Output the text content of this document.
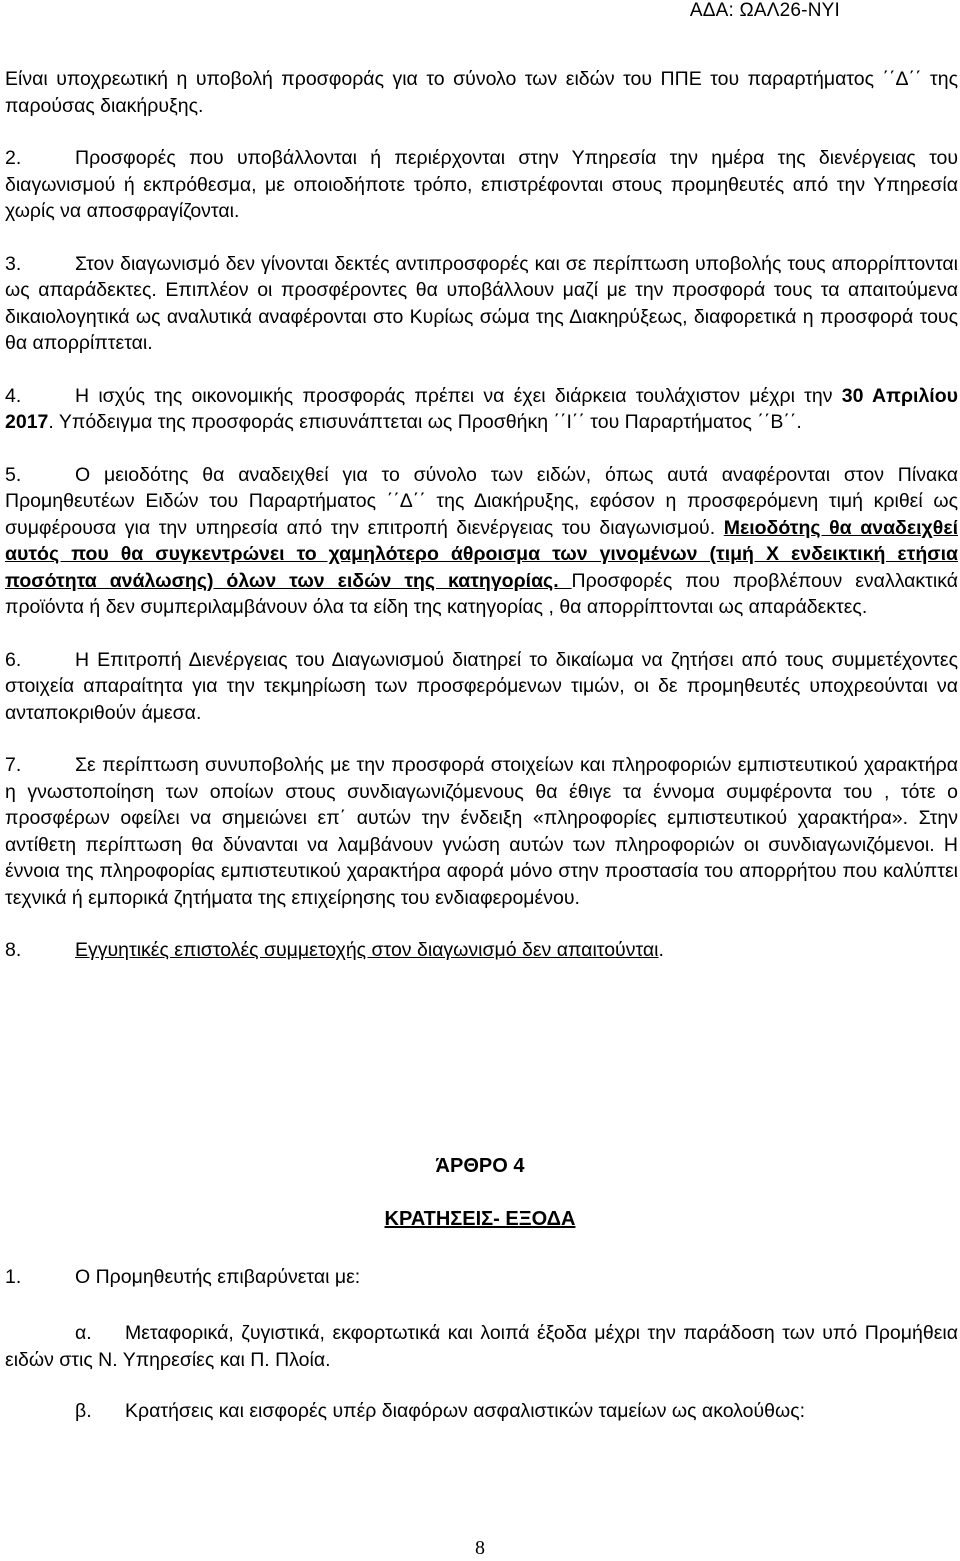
ΑΔΑ: ΩΑΛ26-ΝΥΙ

Είναι υποχρεωτική η υποβολή προσφοράς για το σύνολο των ειδών του ΠΠΕ του παραρτήματος ΄΄Δ΄΄ της παρούσας διακήρυξης.

2.	Προσφορές που υποβάλλονται ή περιέρχονται στην Υπηρεσία την ημέρα της διενέργειας του διαγωνισμού ή εκπρόθεσμα, με οποιοδήποτε τρόπο, επιστρέφονται στους προμηθευτές από την Υπηρεσία χωρίς να αποσφραγίζονται.

3.	Στον διαγωνισμό δεν γίνονται δεκτές αντιπροσφορές και σε περίπτωση υποβολής τους απορρίπτονται ως απαράδεκτες. Επιπλέον οι προσφέροντες θα υποβάλλουν μαζί με την προσφορά τους τα απαιτούμενα δικαιολογητικά ως αναλυτικά αναφέρονται στο Κυρίως σώμα της Διακηρύξεως, διαφορετικά η προσφορά τους θα απορρίπτεται.

4.	Η ισχύς της οικονομικής προσφοράς πρέπει να έχει διάρκεια τουλάχιστον μέχρι την 30 Απριλίου 2017. Υπόδειγμα της προσφοράς επισυνάπτεται ως Προσθήκη ΄΄Ι΄΄ του Παραρτήματος ΄΄Β΄΄.

5.	Ο μειοδότης θα αναδειχθεί για το σύνολο των ειδών, όπως αυτά αναφέρονται στον Πίνακα Προμηθευτέων Ειδών του Παραρτήματος ΄΄Δ΄΄ της Διακήρυξης, εφόσον η προσφερόμενη τιμή κριθεί ως συμφέρουσα για την υπηρεσία από την επιτροπή διενέργειας του διαγωνισμού. Μειοδότης θα αναδειχθεί αυτός που θα συγκεντρώνει το χαμηλότερο άθροισμα των γινομένων (τιμή Χ ενδεικτική ετήσια ποσότητα ανάλωσης) όλων των ειδών της κατηγορίας. Προσφορές που προβλέπουν εναλλακτικά προϊόντα ή δεν συμπεριλαμβάνουν όλα τα είδη της κατηγορίας , θα απορρίπτονται ως απαράδεκτες.

6.	Η Επιτροπή Διενέργειας του Διαγωνισμού διατηρεί το δικαίωμα να ζητήσει από τους συμμετέχοντες στοιχεία απαραίτητα για την τεκμηρίωση των προσφερόμενων τιμών, οι δε προμηθευτές υποχρεούνται να ανταποκριθούν άμεσα.

7.	Σε περίπτωση συνυποβολής με την προσφορά στοιχείων και πληροφοριών εμπιστευτικού χαρακτήρα η γνωστοποίηση των οποίων στους συνδιαγωνιζόμενους θα έθιγε τα έννομα συμφέροντα του , τότε ο προσφέρων οφείλει να σημειώνει επ΄ αυτών την ένδειξη «πληροφορίες εμπιστευτικού χαρακτήρα». Στην αντίθετη περίπτωση θα δύνανται να λαμβάνουν γνώση αυτών των πληροφοριών οι συνδιαγωνιζόμενοι. Η έννοια της πληροφορίας εμπιστευτικού χαρακτήρα αφορά μόνο στην προστασία του απορρήτου που καλύπτει τεχνικά ή εμπορικά ζητήματα της επιχείρησης του ενδιαφερομένου.

8.	Εγγυητικές επιστολές συμμετοχής στον διαγωνισμό δεν απαιτούνται.

ΆΡΘΡΟ 4
ΚΡΑΤΗΣΕΙΣ- ΕΞΟΔΑ
1.	Ο Προμηθευτής επιβαρύνεται με:
α. Μεταφορικά, ζυγιστικά, εκφορτωτικά και λοιπά έξοδα μέχρι την παράδοση των υπό Προμήθεια ειδών στις Ν. Υπηρεσίες και Π. Πλοία.
β. Κρατήσεις και εισφορές υπέρ διαφόρων ασφαλιστικών ταμείων ως ακολούθως:
8
